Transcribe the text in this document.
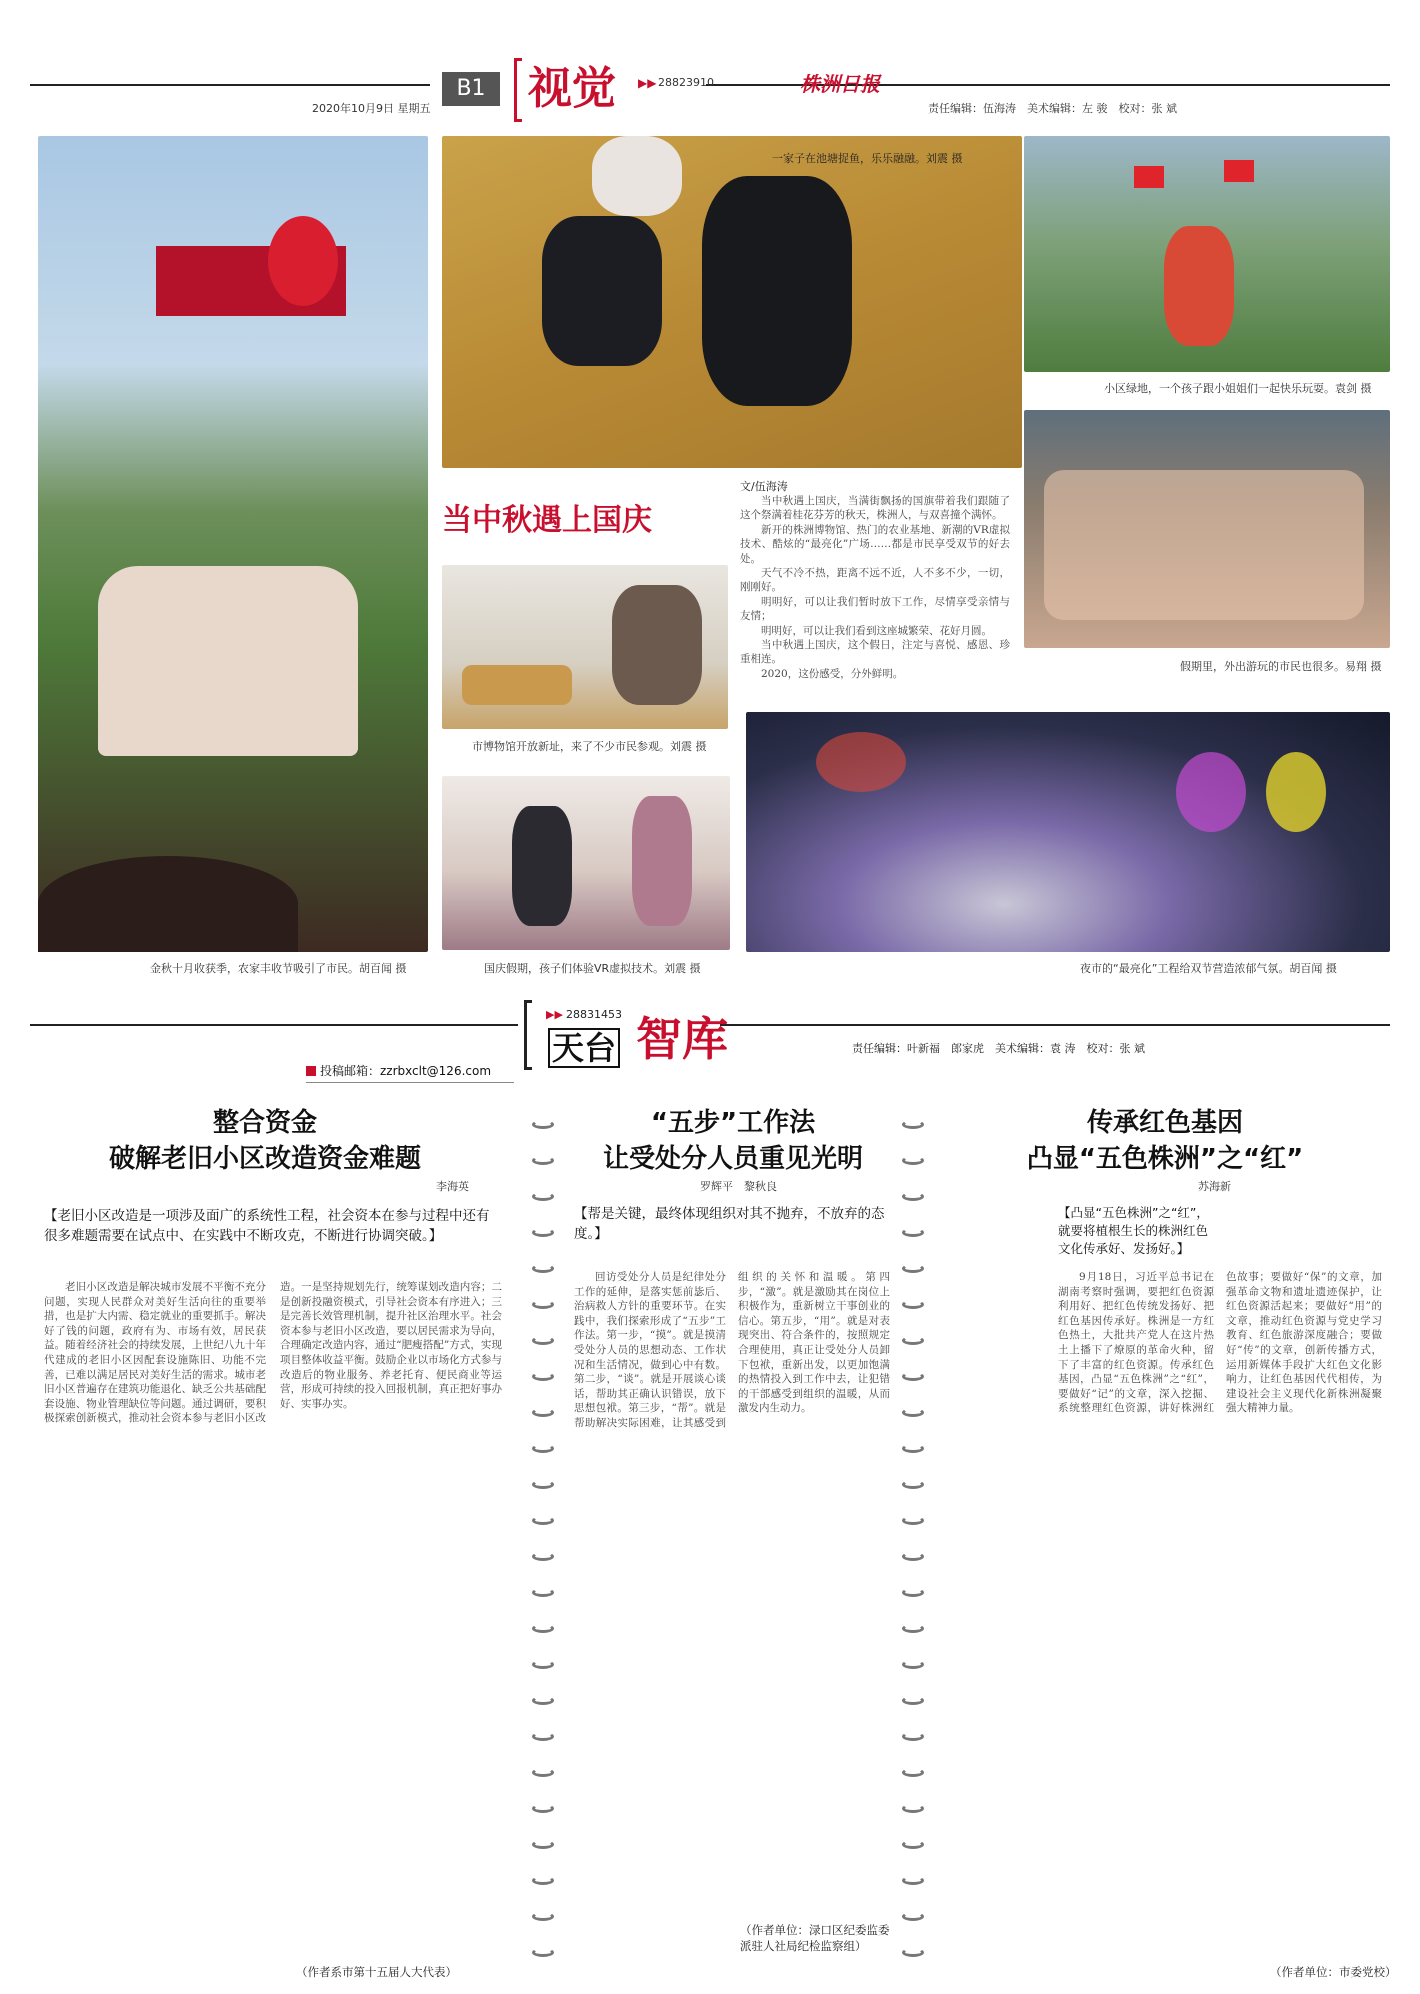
B1 视觉 ▶▶ 28823910	株洲日报
2020年10月9日 星期五	责任编辑：伍海涛　美术编辑：左 骏　校对：张 斌
金秋十月收获季，农家丰收节吸引了市民。胡百闻 摄
一家子在池塘捉鱼，乐乐融融。刘震 摄
小区绿地，一个孩子跟小姐姐们一起快乐玩耍。袁剑 摄
假期里，外出游玩的市民也很多。易翔 摄
当中秋遇上国庆
文/伍海涛

当中秋遇上国庆，当满街飘扬的国旗带着我们跟随了这个祭满着桂花芬芳的秋天，株洲人，与双喜撞个满怀。

新开的株洲博物馆、热门的农业基地、新潮的VR虚拟技术、酷炫的“最亮化”广场……都是市民享受双节的好去处。

天气不冷不热，距离不远不近，人不多不少，一切，刚刚好。

明明好，可以让我们暂时放下工作，尽情享受亲情与友情；

明明好，可以让我们看到这座城繁荣、花好月圆。

当中秋遇上国庆，这个假日，注定与喜悦、感恩、珍重相连。

2020，这份感受，分外鲜明。

市博物馆开放新址，来了不少市民参观。刘震 摄
国庆假期，孩子们体验VR虚拟技术。刘震 摄	夜市的“最亮化”工程给双节营造浓郁气氛。胡百闻 摄
▶▶ 28831453
天台 智库	责任编辑：叶新福　郎家虎　美术编辑：袁 涛　校对：张 斌
投稿邮箱：zzrbxclt@126.com
整合资金
破解老旧小区改造资金难题
李海英
【老旧小区改造是一项涉及面广的系统性工程，社会资本在参与过程中还有很多难题需要在试点中、在实践中不断攻克，不断进行协调突破。】
老旧小区改造是解决城市发展不平衡不充分问题，实现人民群众对美好生活向往的重要举措，也是扩大内需、稳定就业的重要抓手。解决好了钱的问题，政府有为、市场有效，居民获益。随着经济社会的持续发展，上世纪八九十年代建成的老旧小区因配套设施陈旧、功能不完善，已难以满足居民对美好生活的需求。城市老旧小区普遍存在建筑功能退化、缺乏公共基础配套设施、物业管理缺位等问题。通过调研，要积极探索创新模式，推动社会资本参与老旧小区改造。一是坚持规划先行，统筹谋划改造内容；二是创新投融资模式，引导社会资本有序进入；三是完善长效管理机制，提升社区治理水平。社会资本参与老旧小区改造，要以居民需求为导向，合理确定改造内容，通过“肥瘦搭配”方式，实现项目整体收益平衡。鼓励企业以市场化方式参与改造后的物业服务、养老托育、便民商业等运营，形成可持续的投入回报机制，真正把好事办好、实事办实。
（作者系市第十五届人大代表）
“五步”工作法
让受处分人员重见光明
罗辉平　黎秋良
【帮是关键，最终体现组织对其不抛弃，不放弃的态度。】
回访受处分人员是纪律处分工作的延伸，是落实惩前毖后、治病救人方针的重要环节。在实践中，我们探索形成了“五步”工作法。第一步，“摸”。就是摸清受处分人员的思想动态、工作状况和生活情况，做到心中有数。第二步，“谈”。就是开展谈心谈话，帮助其正确认识错误，放下思想包袱。第三步，“帮”。就是帮助解决实际困难，让其感受到组织的关怀和温暖。第四步，“激”。就是激励其在岗位上积极作为，重新树立干事创业的信心。第五步，“用”。就是对表现突出、符合条件的，按照规定合理使用，真正让受处分人员卸下包袱，重新出发，以更加饱满的热情投入到工作中去，让犯错的干部感受到组织的温暖，从而激发内生动力。
（作者单位：渌口区纪委监委派驻人社局纪检监察组）
传承红色基因
凸显“五色株洲”之“红”
苏海新
【凸显“五色株洲”之“红”，就要将植根生长的株洲红色文化传承好、发扬好。】
9月18日，习近平总书记在湖南考察时强调，要把红色资源利用好、把红色传统发扬好、把红色基因传承好。株洲是一方红色热土，大批共产党人在这片热土上播下了燎原的革命火种，留下了丰富的红色资源。传承红色基因，凸显“五色株洲”之“红”，要做好“记”的文章，深入挖掘、系统整理红色资源，讲好株洲红色故事；要做好“保”的文章，加强革命文物和遗址遗迹保护，让红色资源活起来；要做好“用”的文章，推动红色资源与党史学习教育、红色旅游深度融合；要做好“传”的文章，创新传播方式，运用新媒体手段扩大红色文化影响力，让红色基因代代相传，为建设社会主义现代化新株洲凝聚强大精神力量。
（作者单位：市委党校）
